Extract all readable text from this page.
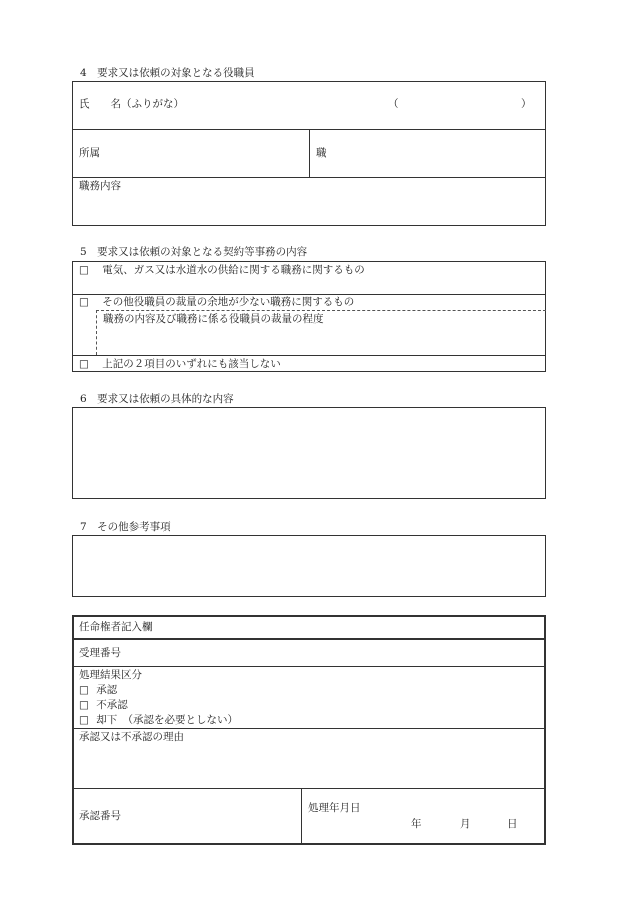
4　要求又は依頼の対象となる役職員
氏　　名（ふりがな）	（	）
所属	職
職務内容
5　要求又は依頼の対象となる契約等事務の内容
□ 電気、ガス又は水道水の供給に関する職務に関するもの
□ その他役職員の裁量の余地が少ない職務に関するもの
職務の内容及び職務に係る役職員の裁量の程度
□ 上記の２項目のいずれにも該当しない
6　要求又は依頼の具体的な内容
7　その他参考事項
任命権者記入欄
受理番号
処理結果区分
□ 承認
□ 不承認
□ 却下　（承認を必要としない）
承認又は不承認の理由
承認番号
処理年月日
年	月	日
